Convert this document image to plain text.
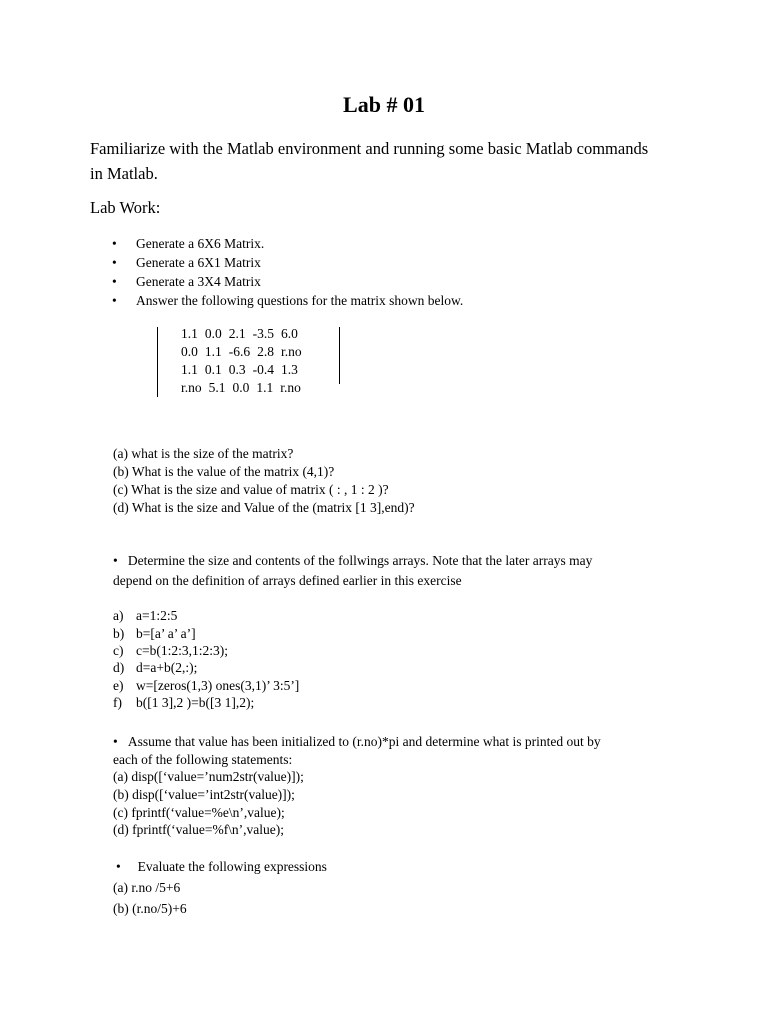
Lab # 01
Familiarize with the Matlab environment and running some basic Matlab commands in Matlab.
Lab Work:
• Generate a 6X6 Matrix.
• Generate a 6X1 Matrix
• Generate a 3X4 Matrix
• Answer the following questions for the matrix shown below.
1.1 0.0 2.1 -3.5 6.0
0.0 1.1 -6.6 2.8 r.no
1.1 0.1 0.3 -0.4 1.3
r.no 5.1 0.0 1.1 r.no
(a) what is the size of the matrix?
(b) What is the value of the matrix (4,1)?
(c) What is the size and value of matrix ( : , 1 : 2 )?
(d) What is the size and Value of the (matrix [1 3],end)?
• Determine the size and contents of the follwings arrays. Note that the later arrays may
depend on the definition of arrays defined earlier in this exercise
a) a=1:2:5
b) b=[a’ a’ a’]
c) c=b(1:2:3,1:2:3);
d) d=a+b(2,:);
e) w=[zeros(1,3) ones(3,1)’ 3:5’]
f) b([1 3],2 )=b([3 1],2);
• Assume that value has been initialized to (r.no)*pi and determine what is printed out by
each of the following statements:
(a) disp([‘value=’num2str(value)]);
(b) disp([‘value=’int2str(value)]);
(c) fprintf(‘value=%e\n’,value);
(d) fprintf(‘value=%f\n’,value);
• Evaluate the following expressions
(a) r.no /5+6
(b) (r.no/5)+6
